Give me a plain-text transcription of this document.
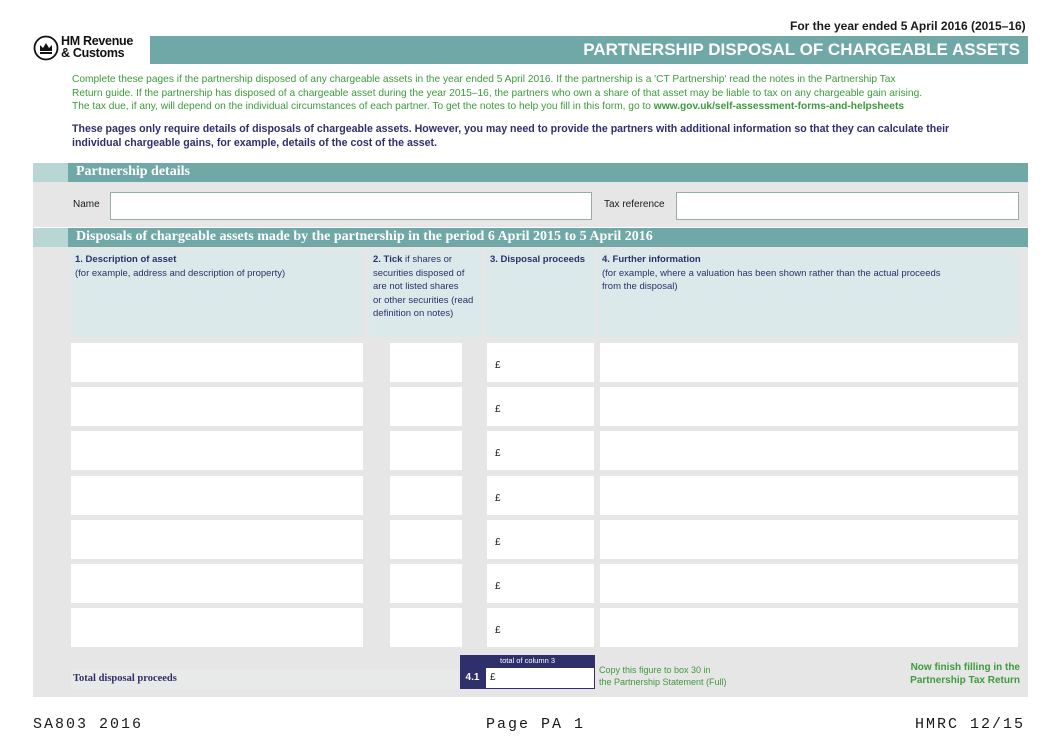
For the year ended 5 April 2016 (2015–16)
HM Revenue
& Customs	PARTNERSHIP DISPOSAL OF CHARGEABLE ASSETS
Complete these pages if the partnership disposed of any chargeable assets in the year ended 5 April 2016. If the partnership is a 'CT Partnership' read the notes in the Partnership Tax
Return guide. If the partnership has disposed of a chargeable asset during the year 2015–16, the partners who own a share of that asset may be liable to tax on any chargeable gain arising.
The tax due, if any, will depend on the individual circumstances of each partner. To get the notes to help you fill in this form, go to www.gov.uk/self-assessment-forms-and-helpsheets
These pages only require details of disposals of chargeable assets. However, you may need to provide the partners with additional information so that they can calculate their
individual chargeable gains, for example, details of the cost of the asset.
Partnership details
Name	Tax reference
Disposals of chargeable assets made by the partnership in the period 6 April 2015 to 5 April 2016
1. Description of asset
(for example, address and description of property)
2. Tick if shares or
securities disposed of
are not listed shares
or other securities (read
definition on notes)
3. Disposal proceeds	4. Further information
(for example, where a valuation has been shown rather than the actual proceeds
from the disposal)
£
£
£
£
£
£
£
Total disposal proceeds
total of column 3
4.1	£
Copy this figure to box 30 in
the Partnership Statement (Full)
Now finish filling in the
Partnership Tax Return
SA803 2016	Page PA 1	HMRC 12/15
